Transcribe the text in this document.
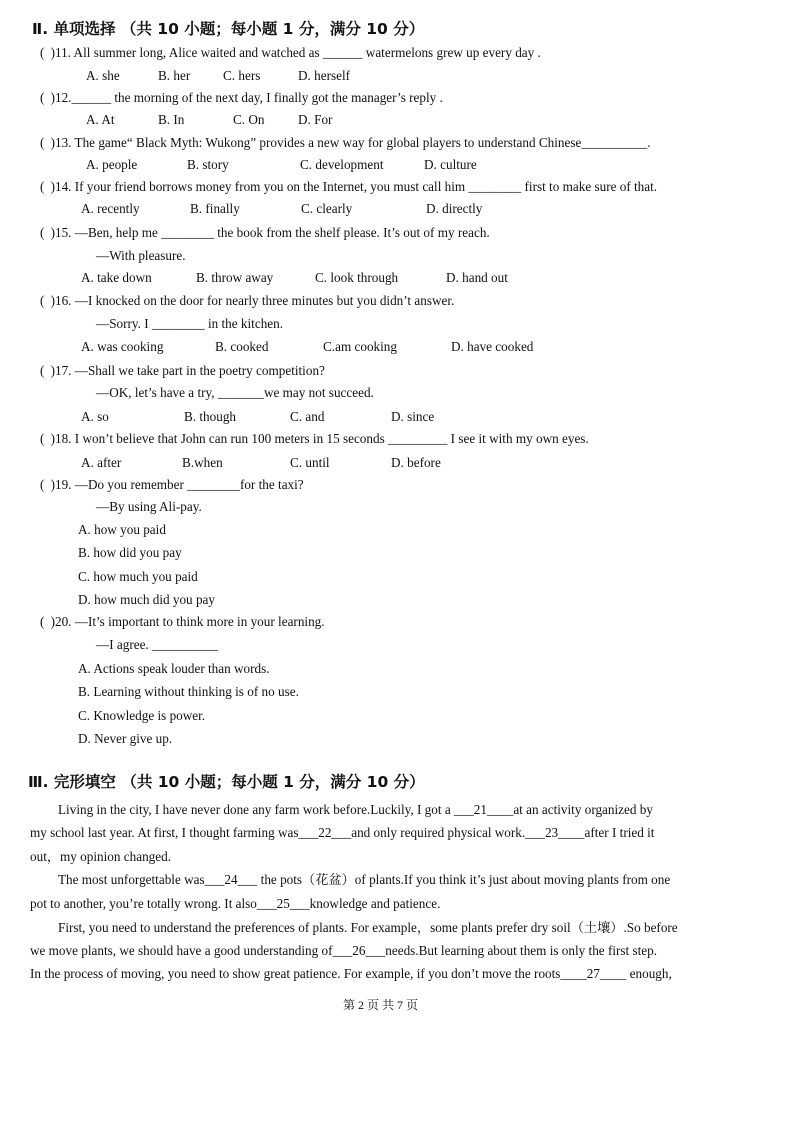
Ⅱ. 单项选择 （共 10 小题；每小题 1 分，满分 10 分）
( )11. All summer long, Alice waited and watched as ______ watermelons grew up every day .
A. she	B. her C. hers	D. herself
( )12.______ the morning of the next day, I finally got the manager’s reply .
A. At	B. In	C. On	D. For
( )13. The game“ Black Myth: Wukong” provides a new way for global players to understand Chinese__________.
A. people	B. story	C. development	D. culture
( )14. If your friend borrows money from you on the Internet, you must call him ________ first to make sure of that.
A. recently	B. finally	C. clearly	D. directly
( )15. —Ben, help me ________ the book from the shelf please. It’s out of my reach.
—With pleasure.
A. take down	B. throw away	C. look through	D. hand out
( )16. —I knocked on the door for nearly three minutes but you didn’t answer.
—Sorry. I ________ in the kitchen.
A. was cooking	B. cooked	C.am cooking	D. have cooked
( )17. —Shall we take part in the poetry competition?
—OK, let’s have a try, _______we may not succeed.
A. so	B. though	C. and	D. since
( )18. I won’t believe that John can run 100 meters in 15 seconds _________ I see it with my own eyes.
A. after	B.when	C. until	D. before
( )19. —Do you remember ________for the taxi?
—By using Ali-pay.
A. how you paid
B. how did you pay
C. how much you paid
D. how much did you pay
( )20. —It’s important to think more in your learning.
—I agree. __________
A. Actions speak louder than words.
B. Learning without thinking is of no use.
C. Knowledge is power.
D. Never give up.
Ⅲ. 完形填空 （共 10 小题；每小题 1 分，满分 10 分）
Living in the city, I have never done any farm work before.Luckily, I got a ___21____at an activity organized by
my school last year. At first, I thought farming was___22___and only required physical work.___23____after I tried it
out，my opinion changed.
The most unforgettable was___24___ the pots（花盆）of plants.If you think it’s just about moving plants from one
pot to another, you’re totally wrong. It also___25___knowledge and patience.
First, you need to understand the preferences of plants. For example，some plants prefer dry soil（土壤）.So before
we move plants, we should have a good understanding of___26___needs.But learning about them is only the first step.
In the process of moving, you need to show great patience. For example, if you don’t move the roots____27____ enough,
第 2 页 共 7 页
